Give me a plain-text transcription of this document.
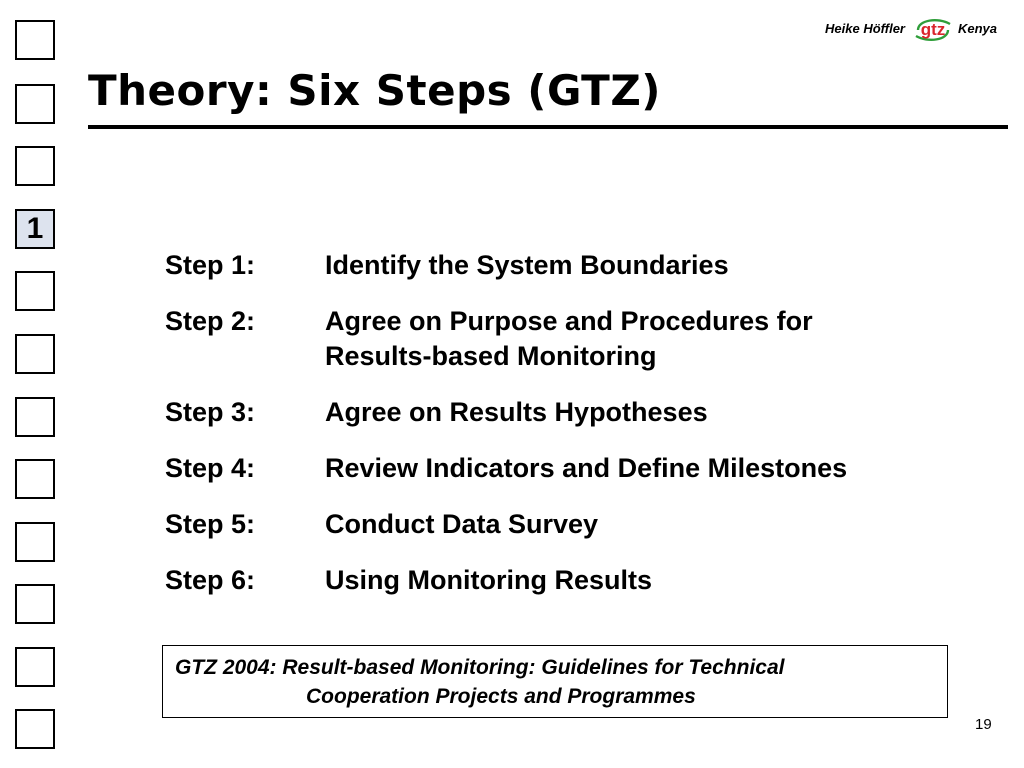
1
Heike Höffler gtz Kenya
Theory: Six Steps (GTZ)
Step 1:	Identify the System Boundaries
Step 2:	Agree on Purpose and Procedures for
Results-based Monitoring
Step 3:	Agree on Results Hypotheses
Step 4:	Review Indicators and Define Milestones
Step 5:	Conduct Data Survey
Step 6:	Using Monitoring Results
GTZ 2004: Result-based Monitoring: Guidelines for Technical
Cooperation Projects and Programmes
19
